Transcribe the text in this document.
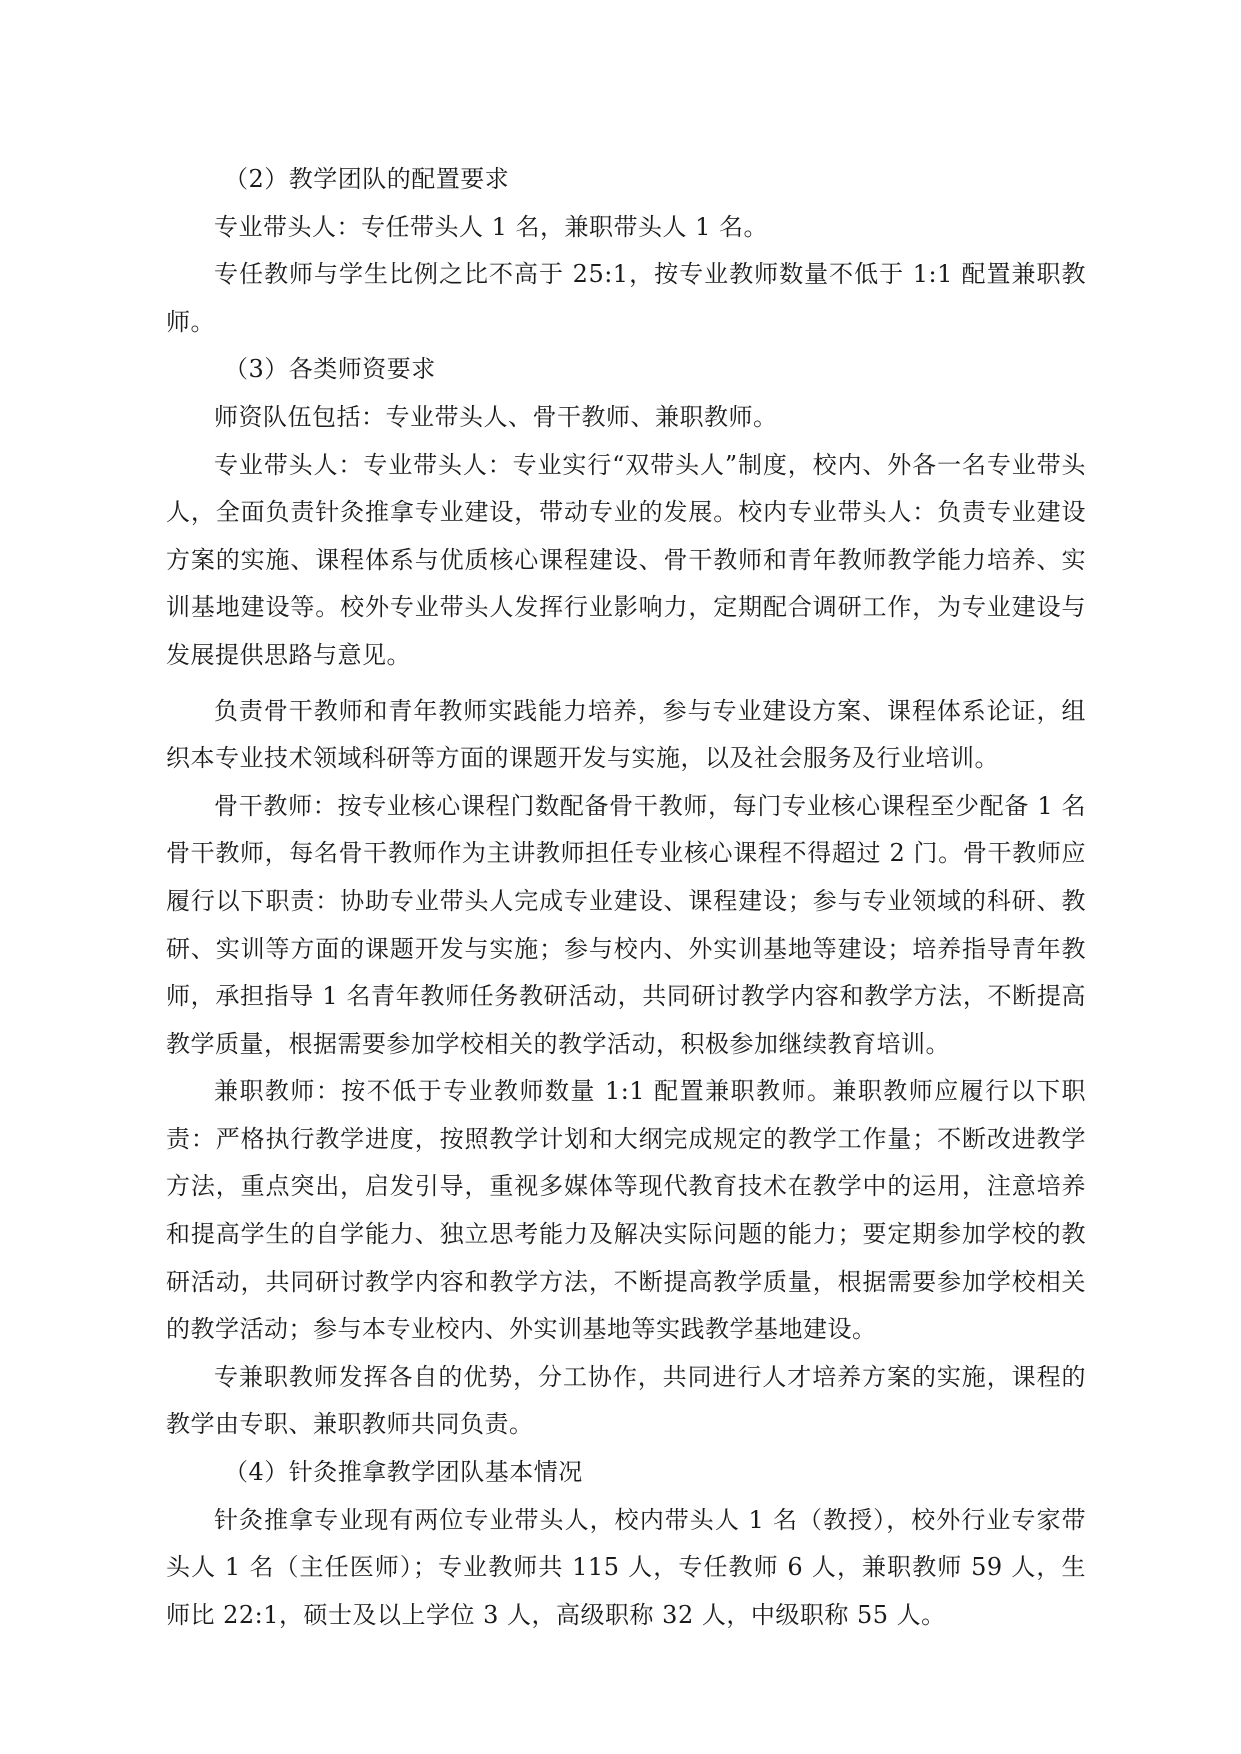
（2）教学团队的配置要求

专业带头人：专任带头人 1 名，兼职带头人 1 名。

专任教师与学生比例之比不高于 25:1，按专业教师数量不低于 1:1 配置兼职教师。

（3）各类师资要求

师资队伍包括：专业带头人、骨干教师、兼职教师。

专业带头人：专业带头人：专业实行“双带头人”制度，校内、外各一名专业带头人，全面负责针灸推拿专业建设，带动专业的发展。校内专业带头人：负责专业建设方案的实施、课程体系与优质核心课程建设、骨干教师和青年教师教学能力培养、实训基地建设等。校外专业带头人发挥行业影响力，定期配合调研工作，为专业建设与发展提供思路与意见。

负责骨干教师和青年教师实践能力培养，参与专业建设方案、课程体系论证，组织本专业技术领域科研等方面的课题开发与实施，以及社会服务及行业培训。

骨干教师：按专业核心课程门数配备骨干教师，每门专业核心课程至少配备 1 名骨干教师，每名骨干教师作为主讲教师担任专业核心课程不得超过 2 门。骨干教师应履行以下职责：协助专业带头人完成专业建设、课程建设；参与专业领域的科研、教研、实训等方面的课题开发与实施；参与校内、外实训基地等建设；培养指导青年教师，承担指导 1 名青年教师任务教研活动，共同研讨教学内容和教学方法，不断提高教学质量，根据需要参加学校相关的教学活动，积极参加继续教育培训。

兼职教师：按不低于专业教师数量 1:1 配置兼职教师。兼职教师应履行以下职责：严格执行教学进度，按照教学计划和大纲完成规定的教学工作量；不断改进教学方法，重点突出，启发引导，重视多媒体等现代教育技术在教学中的运用，注意培养和提高学生的自学能力、独立思考能力及解决实际问题的能力；要定期参加学校的教研活动，共同研讨教学内容和教学方法，不断提高教学质量，根据需要参加学校相关的教学活动；参与本专业校内、外实训基地等实践教学基地建设。

专兼职教师发挥各自的优势，分工协作，共同进行人才培养方案的实施，课程的教学由专职、兼职教师共同负责。

（4）针灸推拿教学团队基本情况

针灸推拿专业现有两位专业带头人，校内带头人 1 名（教授），校外行业专家带头人 1 名（主任医师）；专业教师共 115 人，专任教师 6 人，兼职教师 59 人，生师比 22:1，硕士及以上学位 3 人，高级职称 32 人，中级职称 55 人。
